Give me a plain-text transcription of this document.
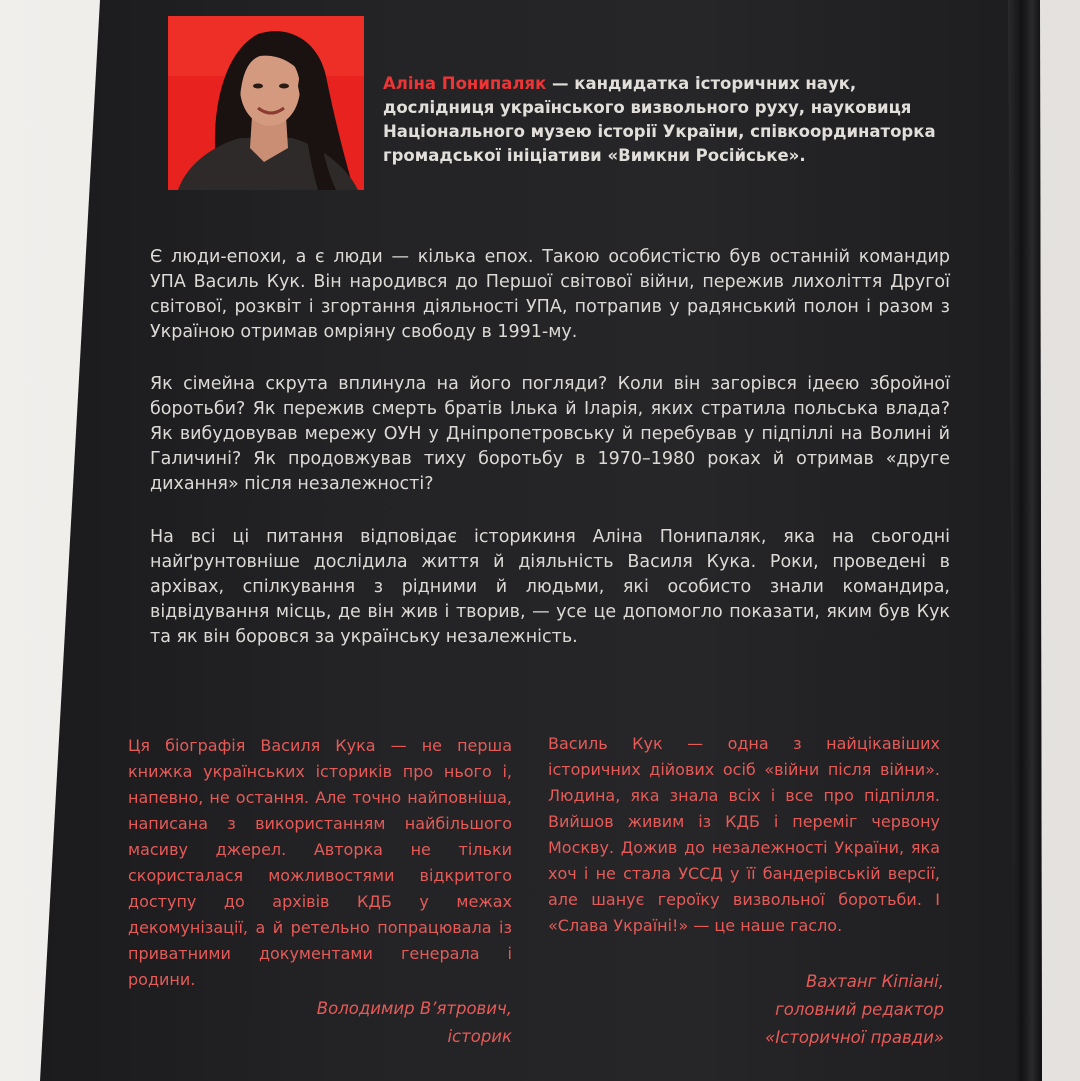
Аліна Понипаляк — кандидатка історичних наук, дослідниця українського визвольного руху, науковиця Національного музею історії України, співкоординаторка громадської ініціативи «Вимкни Російське».
Є люди-епохи, а є люди — кілька епох. Такою особистістю був останній командир УПА Василь Кук. Він народився до Першої світової війни, пережив лихоліття Другої світової, розквіт і згортання діяльності УПА, потрапив у радянський полон і разом з Україною отримав омріяну свободу в 1991-му.
Як сімейна скрута вплинула на його погляди? Коли він загорівся ідеєю збройної боротьби? Як пережив смерть братів Ілька й Іларія, яких стратила польська влада? Як вибудовував мережу ОУН у Дніпропетровську й перебував у підпіллі на Волині й Галичині? Як продовжував тиху боротьбу в 1970–1980 роках й отримав «друге дихання» після незалежності?
На всі ці питання відповідає історикиня Аліна Понипаляк, яка на сьогодні найґрунтовніше дослідила життя й діяльність Василя Кука. Роки, проведені в архівах, спілкування з рідними й людьми, які особисто знали командира, відвідування місць, де він жив і творив, — усе це допомогло показати, яким був Кук та як він боровся за українську незалежність.
Ця біографія Василя Кука — не перша книжка українських істориків про нього і, напевно, не остання. Але точно найповніша, написана з використанням найбільшого масиву джерел. Авторка не тільки скористалася можливостями відкритого доступу до архівів КДБ у межах декомунізації, а й ретельно попрацювала із приватними документами генерала і родини.
Володимир В’ятрович,
історик
Василь Кук — одна з найцікавіших історичних дійових осіб «війни після війни». Людина, яка знала всіх і все про підпілля. Вийшов живим із КДБ і переміг червону Москву. Дожив до незалежності України, яка хоч і не стала УССД у її бандерівській версії, але шанує героїку визвольної боротьби. І «Слава Україні!» — це наше гасло.
Вахтанг Кіпіані,
головний редактор
«Історичної правди»
